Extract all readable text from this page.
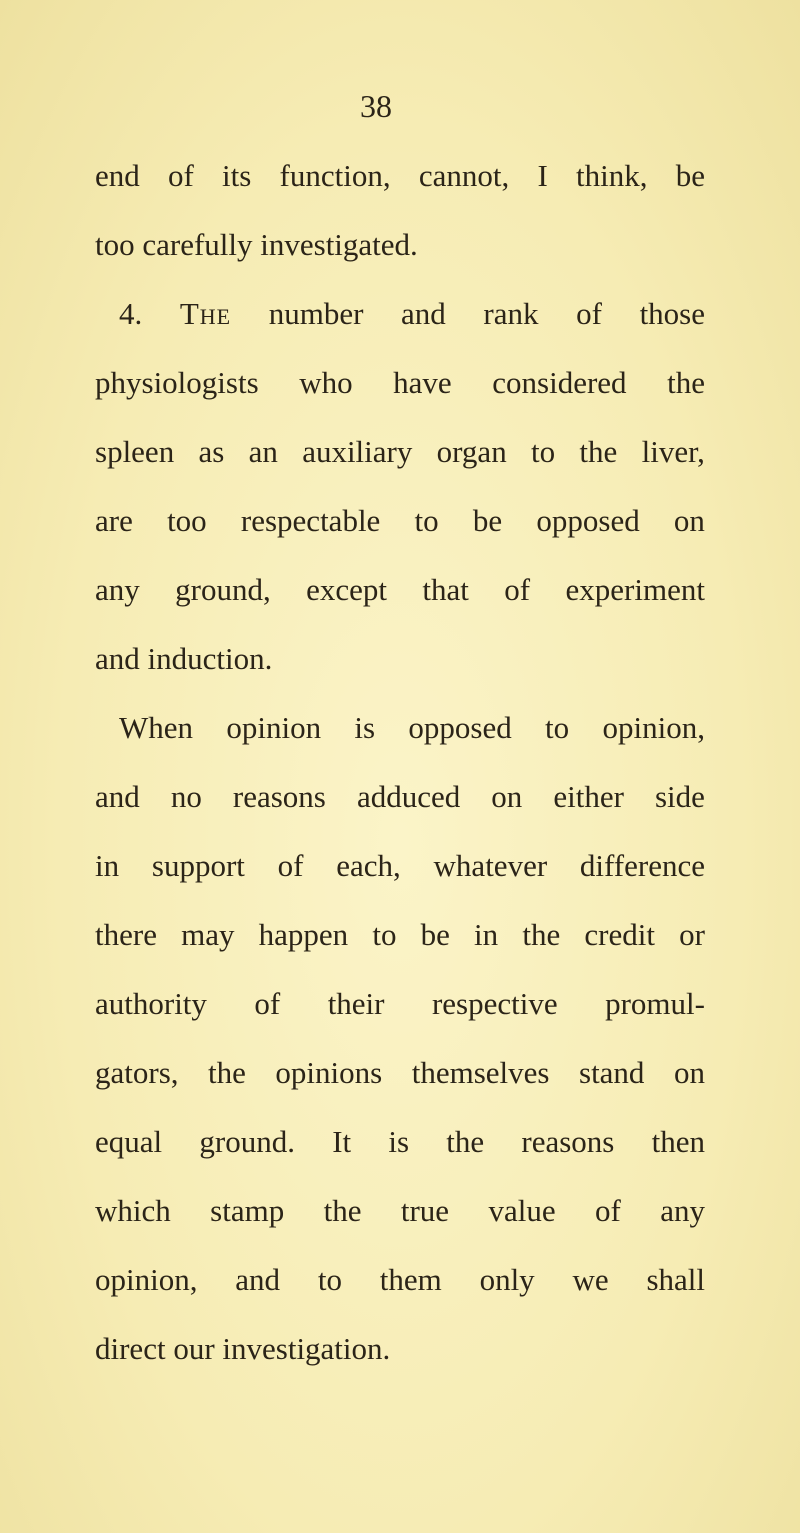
38
end of its function, cannot, I think, be
too carefully investigated.
4. The number and rank of those
physiologists who have considered the
spleen as an auxiliary organ to the liver,
are too respectable to be opposed on
any ground, except that of experiment
and induction.
When opinion is opposed to opinion,
and no reasons adduced on either side
in support of each, whatever difference
there may happen to be in the credit or
authority of their respective promul-
gators, the opinions themselves stand on
equal ground. It is the reasons then
which stamp the true value of any
opinion, and to them only we shall
direct our investigation.
